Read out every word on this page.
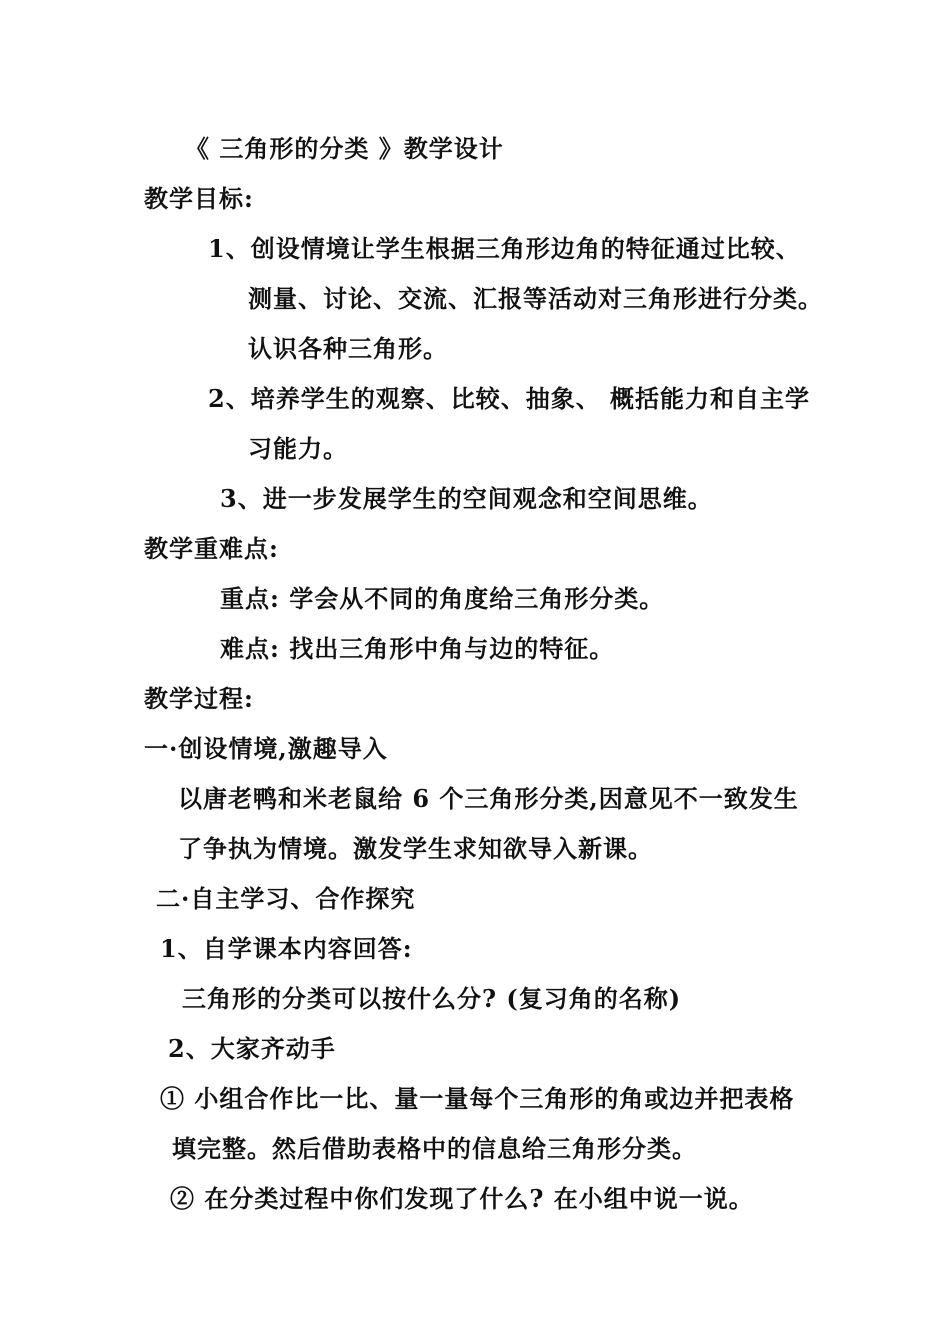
《 三角形的分类 》教学设计
教学目标:
1、创设情境让学生根据三角形边角的特征通过比较、
测量、讨论、交流、汇报等活动对三角形进行分类。
认识各种三角形。
2、培养学生的观察、比较、抽象、 概括能力和自主学
习能力。
3、进一步发展学生的空间观念和空间思维。
教学重难点:
重点: 学会从不同的角度给三角形分类。
难点: 找出三角形中角与边的特征。
教学过程:
一·创设情境,激趣导入
以唐老鸭和米老鼠给 6 个三角形分类,因意见不一致发生
了争执为情境。激发学生求知欲导入新课。
二·自主学习、合作探究
1、自学课本内容回答:
三角形的分类可以按什么分? (复习角的名称)
2、大家齐动手
① 小组合作比一比、量一量每个三角形的角或边并把表格
填完整。然后借助表格中的信息给三角形分类。
② 在分类过程中你们发现了什么? 在小组中说一说。
